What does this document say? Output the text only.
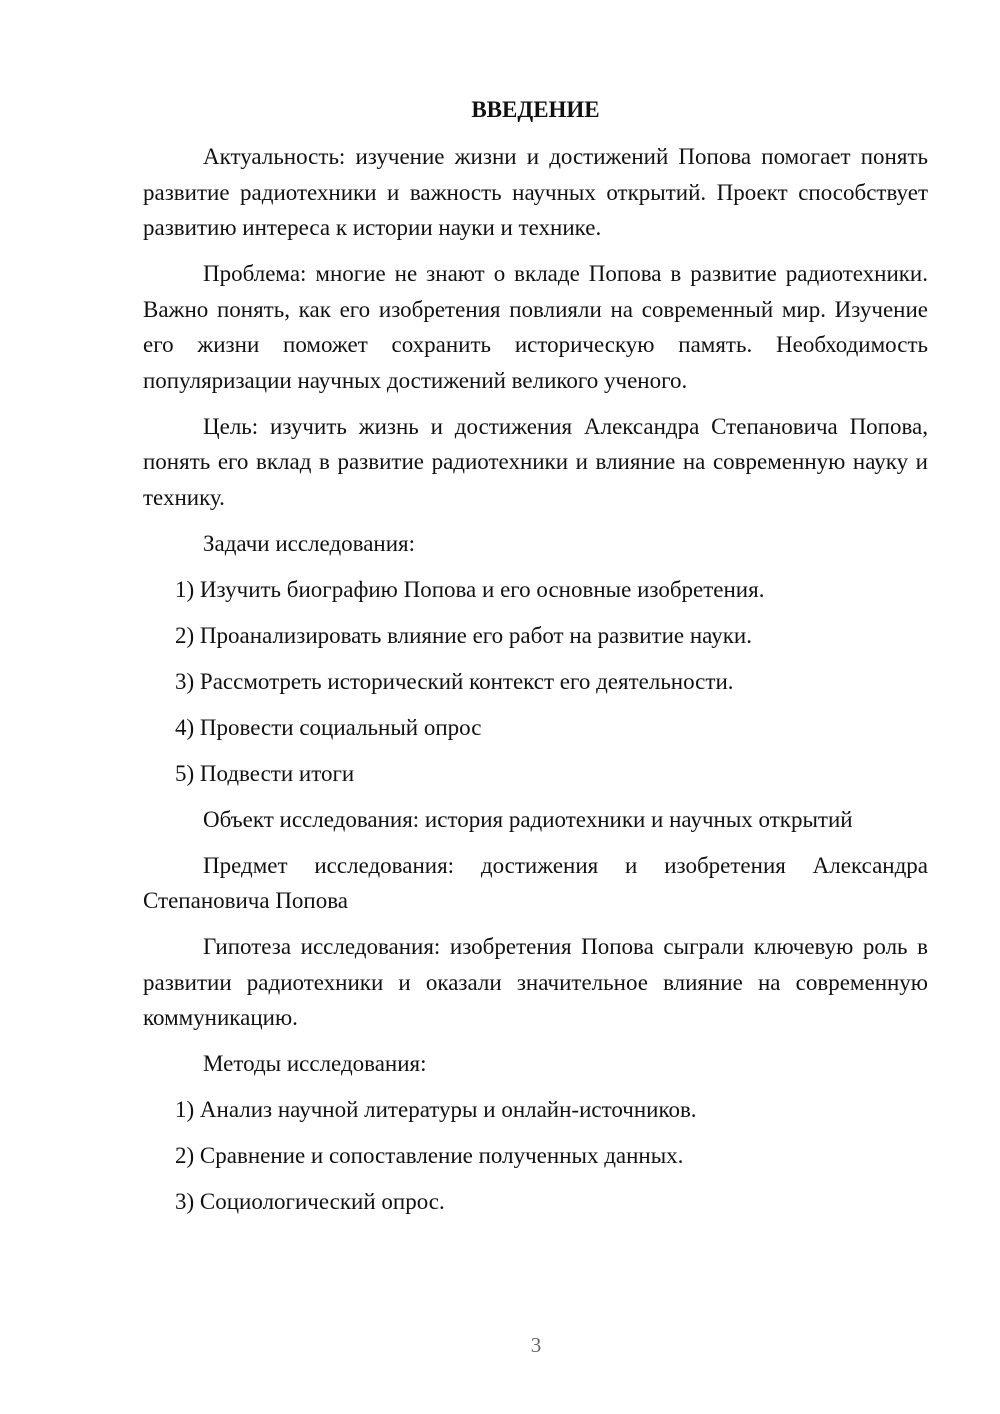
ВВЕДЕНИЕ

Актуальность: изучение жизни и достижений Попова помогает понять развитие радиотехники и важность научных открытий. Проект способствует развитию интереса к истории науки и технике.

Проблема: многие не знают о вкладе Попова в развитие радиотехники. Важно понять, как его изобретения повлияли на современный мир. Изучение его жизни поможет сохранить историческую память. Необходимость популяризации научных достижений великого ученого.

Цель: изучить жизнь и достижения Александра Степановича Попова, понять его вклад в развитие радиотехники и влияние на современную науку и технику.

Задачи исследования:

1) Изучить биографию Попова и его основные изобретения.

2) Проанализировать влияние его работ на развитие науки.

3) Рассмотреть исторический контекст его деятельности.

4) Провести социальный опрос

5) Подвести итоги

Объект исследования: история радиотехники и научных открытий

Предмет исследования: достижения и изобретения Александра Степановича Попова

Гипотеза исследования: изобретения Попова сыграли ключевую роль в развитии радиотехники и оказали значительное влияние на современную коммуникацию.

Методы исследования:

1) Анализ научной литературы и онлайн-источников.

2) Сравнение и сопоставление полученных данных.

3) Социологический опрос.

3
